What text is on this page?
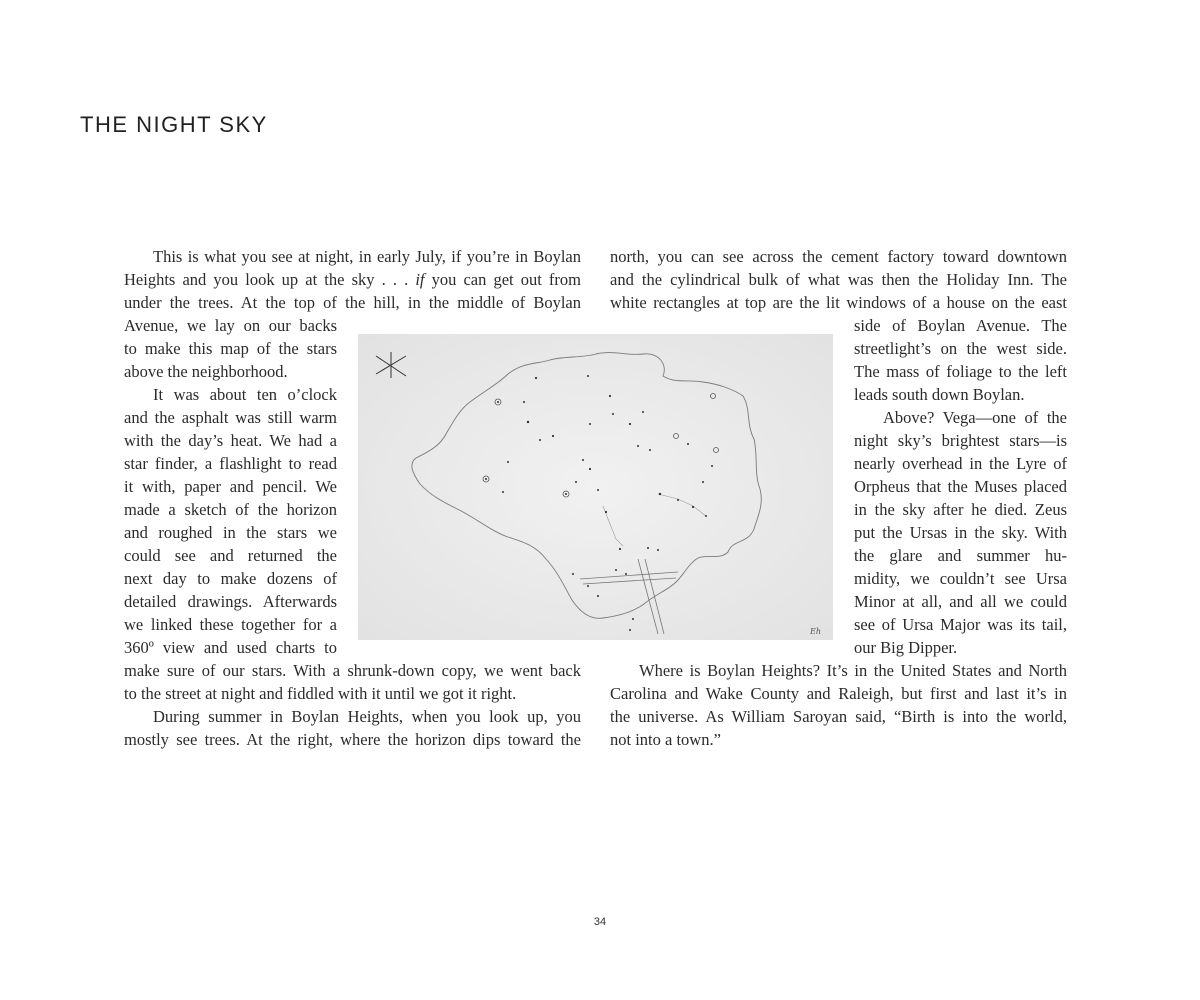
THE NIGHT SKY
This is what you see at night, in early July, if you’re in Boylan
Heights and you look up at the sky . . . if you can get out from
under the trees. At the top of the hill, in the middle of Boylan
Avenue, we lay on our backs
to make this map of the stars
above the neighborhood.
It was about ten o’clock
and the asphalt was still warm
with the day’s heat. We had a
star finder, a flashlight to read
it with, paper and pencil. We
made a sketch of the horizon
and roughed in the stars we
could see and returned the
next day to make dozens of
detailed drawings. Afterwards
we linked these together for a
360º view and used charts to
make sure of our stars. With a shrunk-down copy, we went back
to the street at night and fiddled with it until we got it right.
During summer in Boylan Heights, when you look up, you
mostly see trees. At the right, where the horizon dips toward the
north, you can see across the cement factory toward downtown
and the cylindrical bulk of what was then the Holiday Inn. The
white rectangles at top are the lit windows of a house on the east
side of Boylan Avenue. The
streetlight’s on the west side.
The mass of foliage to the left
leads south down Boylan.
Above? Vega—one of the
night sky’s brightest stars—is
nearly overhead in the Lyre of
Orpheus that the Muses placed
in the sky after he died. Zeus
put the Ursas in the sky. With
the glare and summer hu-
midity, we couldn’t see Ursa
Minor at all, and all we could
see of Ursa Major was its tail,
our Big Dipper.
Where is Boylan Heights? It’s in the United States and North
Carolina and Wake County and Raleigh, but first and last it’s in
the universe. As William Saroyan said, “Birth is into the world,
not into a town.”
Eh
34
